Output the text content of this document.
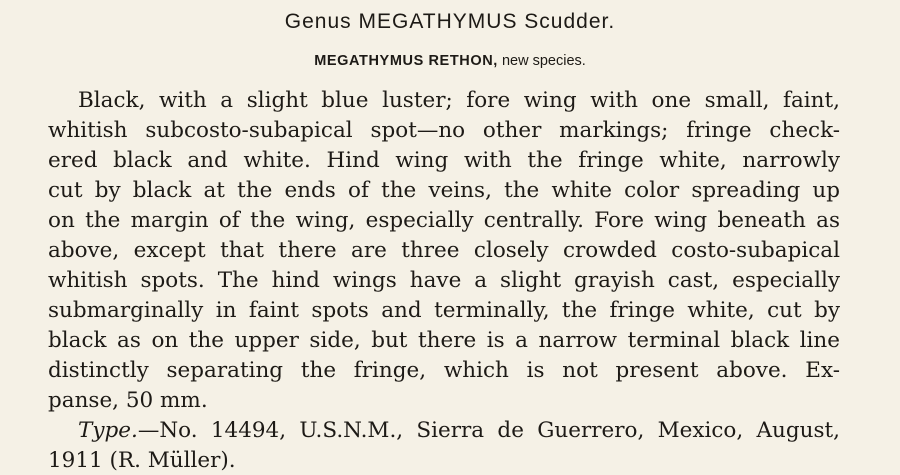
Genus MEGATHYMUS Scudder.
MEGATHYMUS RETHON, new species.
Black, with a slight blue luster; fore wing with one small, faint,
whitish subcosto-subapical spot—no other markings; fringe check-
ered black and white. Hind wing with the fringe white, narrowly
cut by black at the ends of the veins, the white color spreading up
on the margin of the wing, especially centrally. Fore wing beneath as
above, except that there are three closely crowded costo-subapical
whitish spots. The hind wings have a slight grayish cast, especially
submarginally in faint spots and terminally, the fringe white, cut by
black as on the upper side, but there is a narrow terminal black line
distinctly separating the fringe, which is not present above. Ex-
panse, 50 mm.
Type.—No. 14494, U.S.N.M., Sierra de Guerrero, Mexico, August,
1911 (R. Müller).
